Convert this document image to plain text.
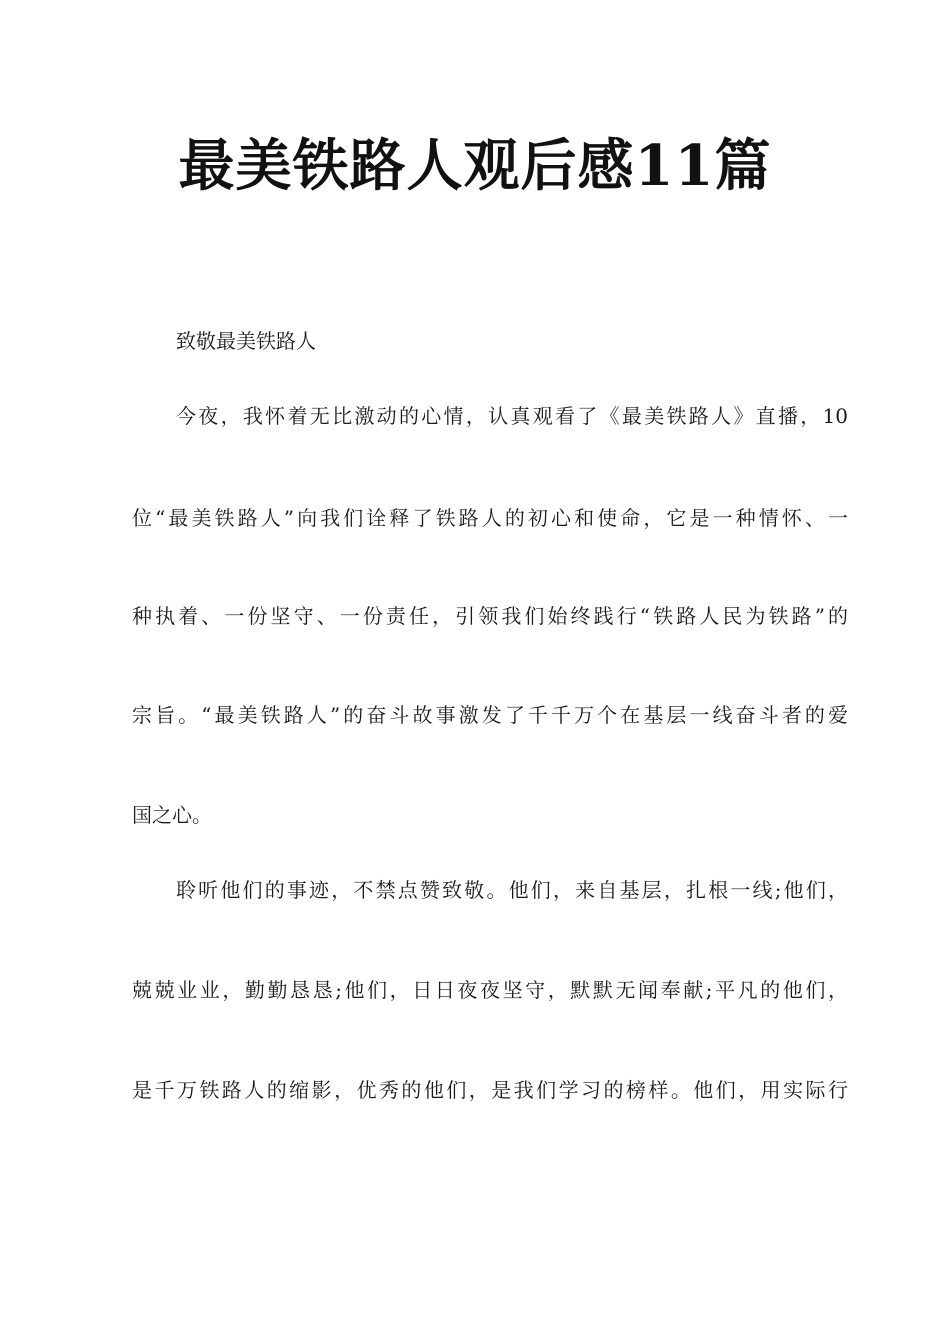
最美铁路人观后感11篇

致敬最美铁路人

今夜，我怀着无比激动的心情，认真观看了《最美铁路人》直播，10

位“最美铁路人”向我们诠释了铁路人的初心和使命，它是一种情怀、一

种执着、一份坚守、一份责任，引领我们始终践行“铁路人民为铁路”的

宗旨。“最美铁路人”的奋斗故事激发了千千万个在基层一线奋斗者的爱

国之心。

聆听他们的事迹，不禁点赞致敬。他们，来自基层，扎根一线;他们，

兢兢业业，勤勤恳恳;他们，日日夜夜坚守，默默无闻奉献;平凡的他们，

是千万铁路人的缩影，优秀的他们，是我们学习的榜样。他们，用实际行
